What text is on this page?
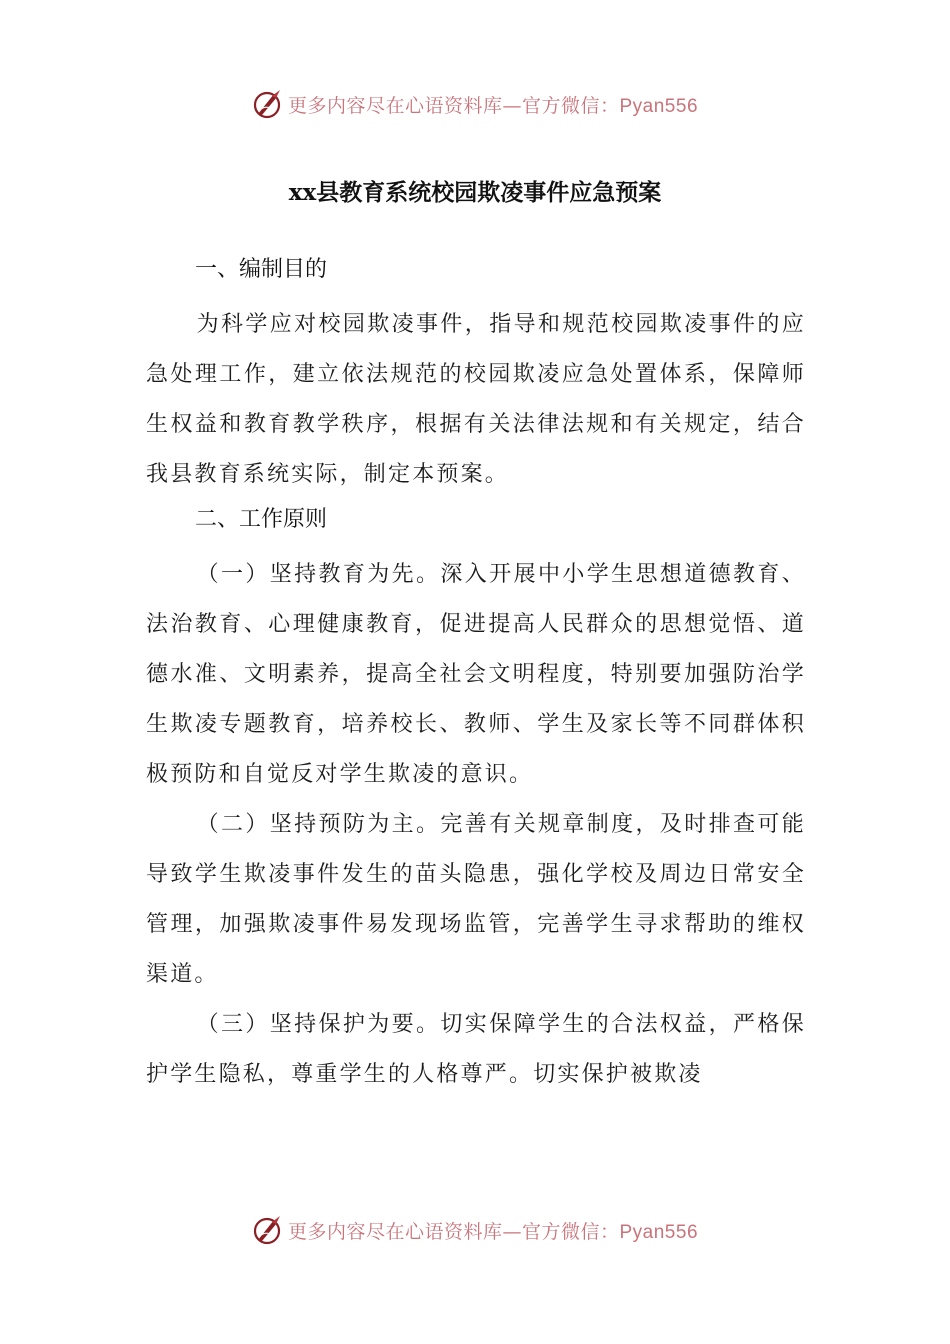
更多内容尽在心语资料库—官方微信：Pyan556
xx县教育系统校园欺凌事件应急预案
一、编制目的

为科学应对校园欺凌事件，指导和规范校园欺凌事件的应急处理工作，建立依法规范的校园欺凌应急处置体系，保障师生权益和教育教学秩序，根据有关法律法规和有关规定，结合我县教育系统实际，制定本预案。

二、工作原则

（一）坚持教育为先。深入开展中小学生思想道德教育、法治教育、心理健康教育，促进提高人民群众的思想觉悟、道德水准、文明素养，提高全社会文明程度，特别要加强防治学生欺凌专题教育，培养校长、教师、学生及家长等不同群体积极预防和自觉反对学生欺凌的意识。

（二）坚持预防为主。完善有关规章制度，及时排查可能导致学生欺凌事件发生的苗头隐患，强化学校及周边日常安全管理，加强欺凌事件易发现场监管，完善学生寻求帮助的维权渠道。

（三）坚持保护为要。切实保障学生的合法权益，严格保护学生隐私，尊重学生的人格尊严。切实保护被欺凌

更多内容尽在心语资料库—官方微信：Pyan556
